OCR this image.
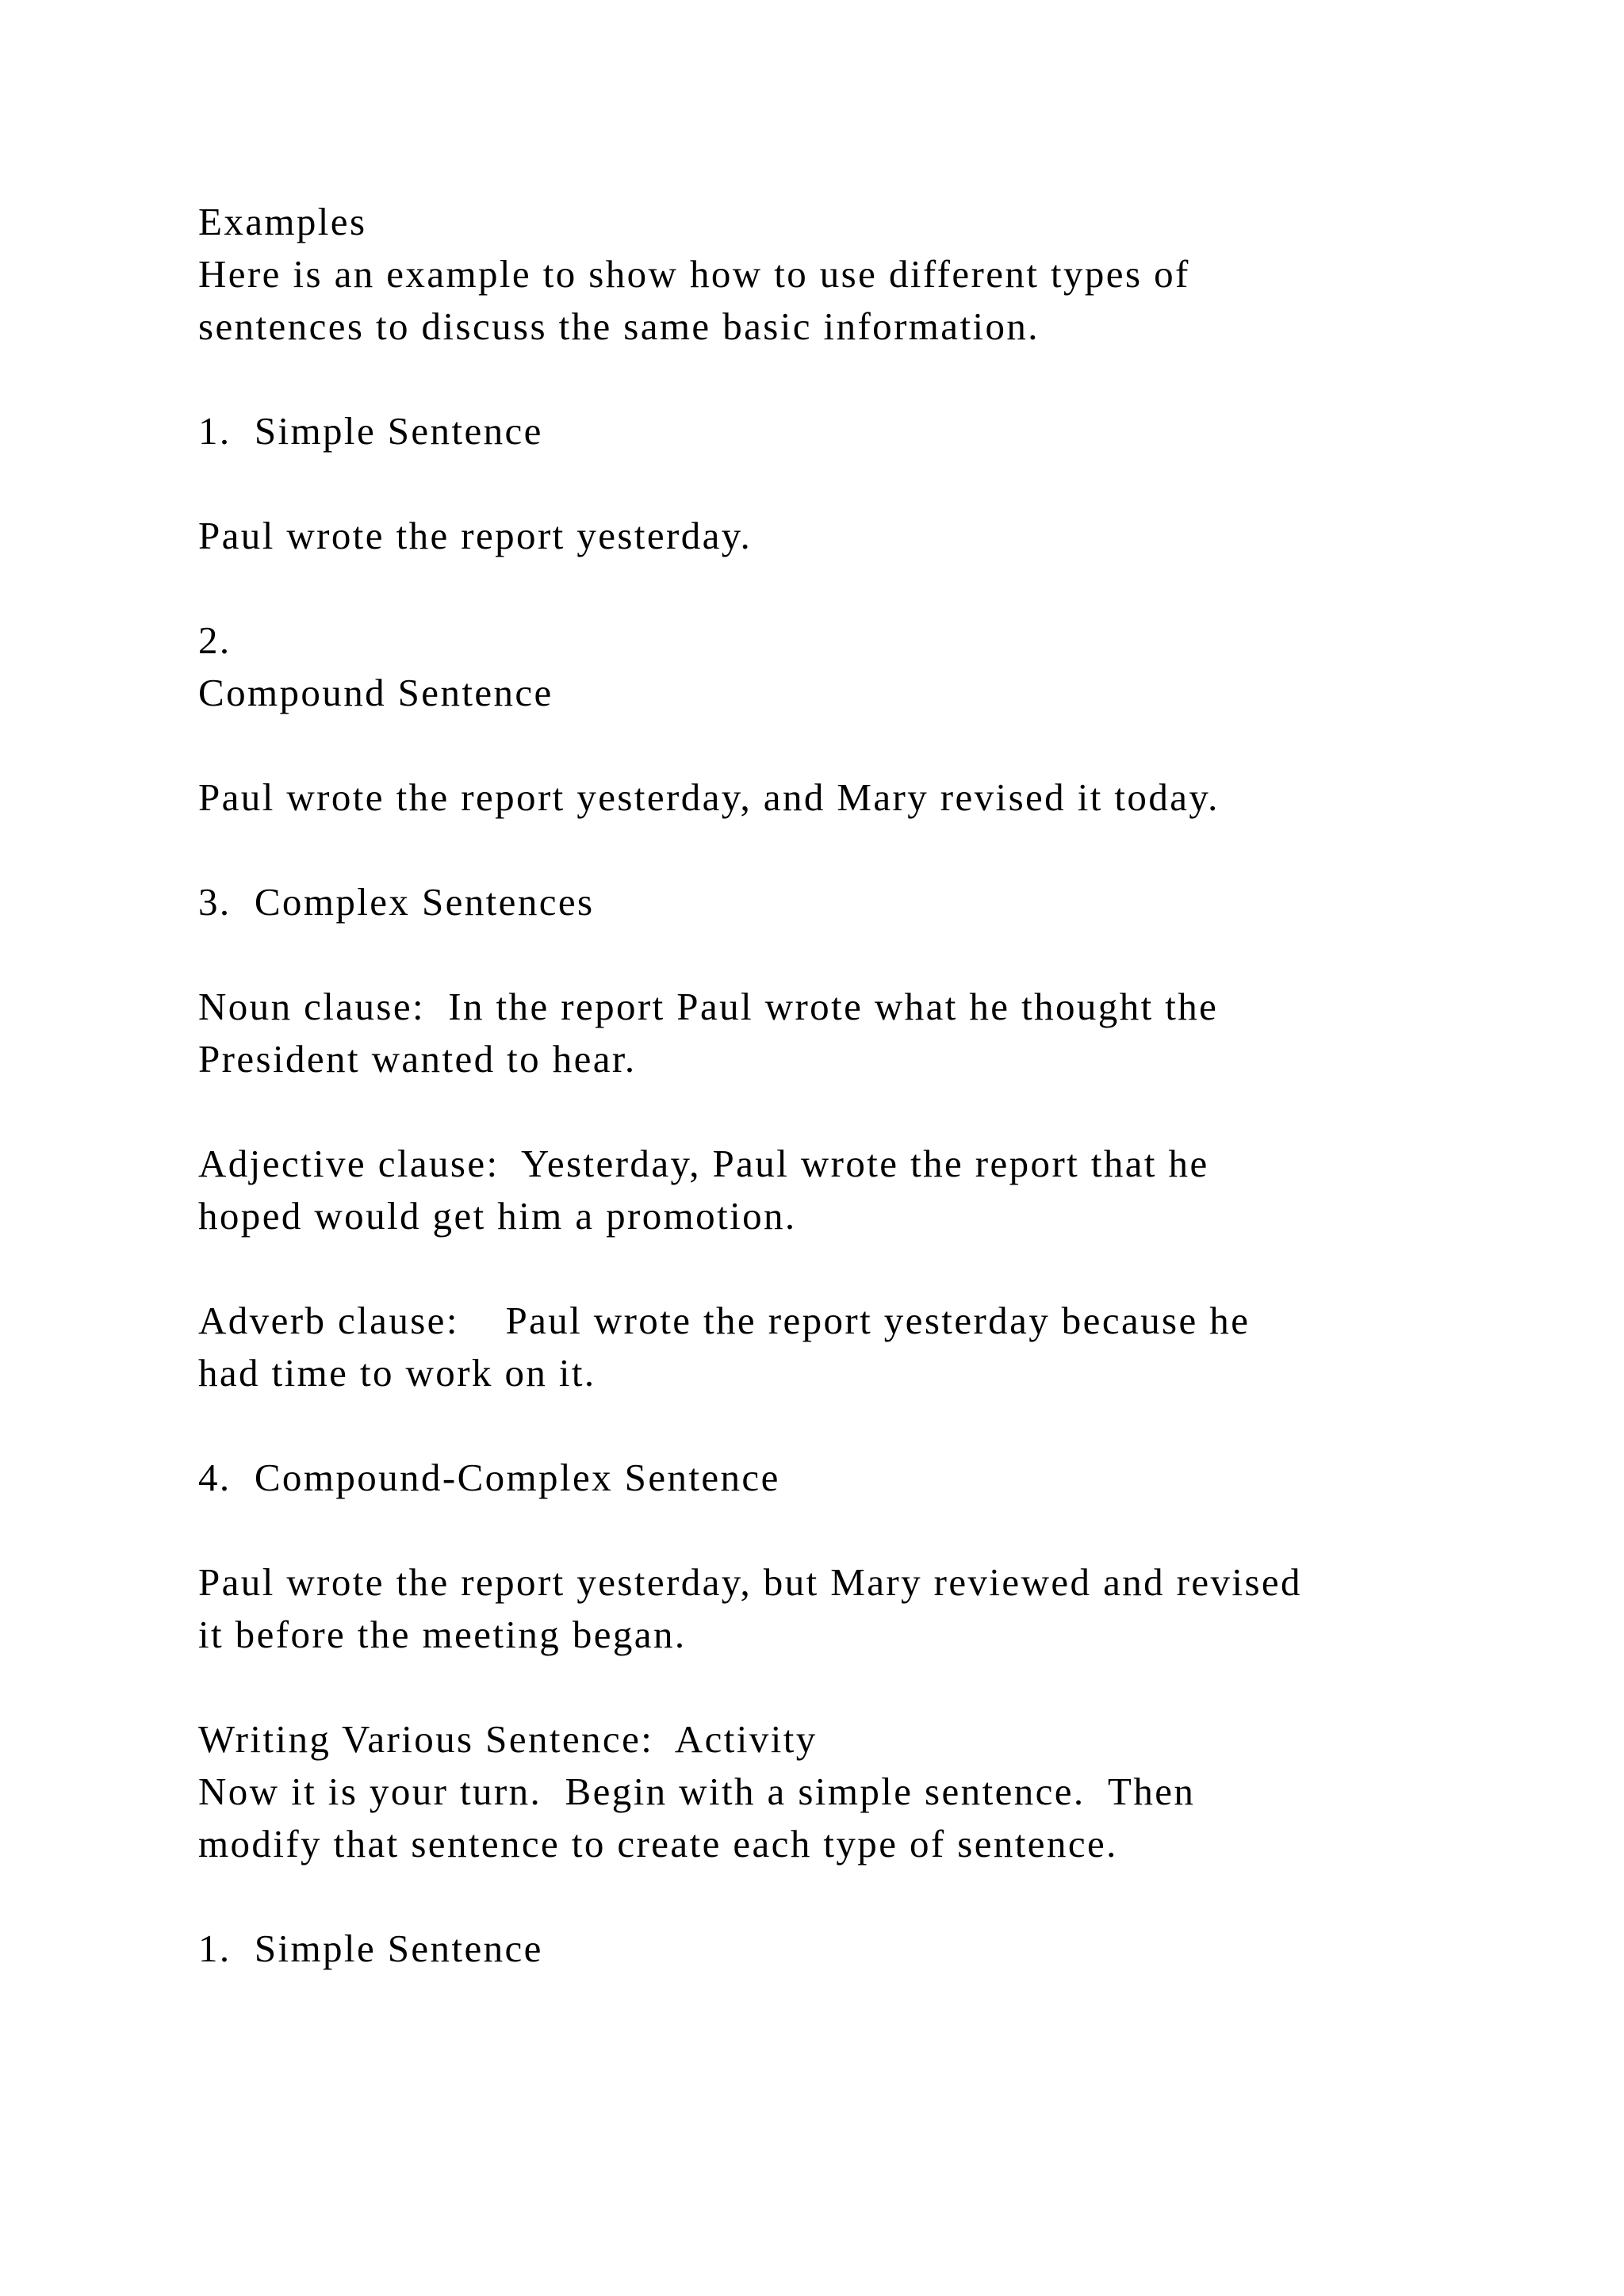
Examples

Here is an example to show how to use different types of

sentences to discuss the same basic information.

1.  Simple Sentence

Paul wrote the report yesterday.

2.

Compound Sentence

Paul wrote the report yesterday, and Mary revised it today.

3.  Complex Sentences

Noun clause:  In the report Paul wrote what he thought the

President wanted to hear.

Adjective clause:  Yesterday, Paul wrote the report that he

hoped would get him a promotion.

Adverb clause:    Paul wrote the report yesterday because he

had time to work on it.

4.  Compound-Complex Sentence

Paul wrote the report yesterday, but Mary reviewed and revised

it before the meeting began.

Writing Various Sentence:  Activity

Now it is your turn.  Begin with a simple sentence.  Then

modify that sentence to create each type of sentence.

1.  Simple Sentence
